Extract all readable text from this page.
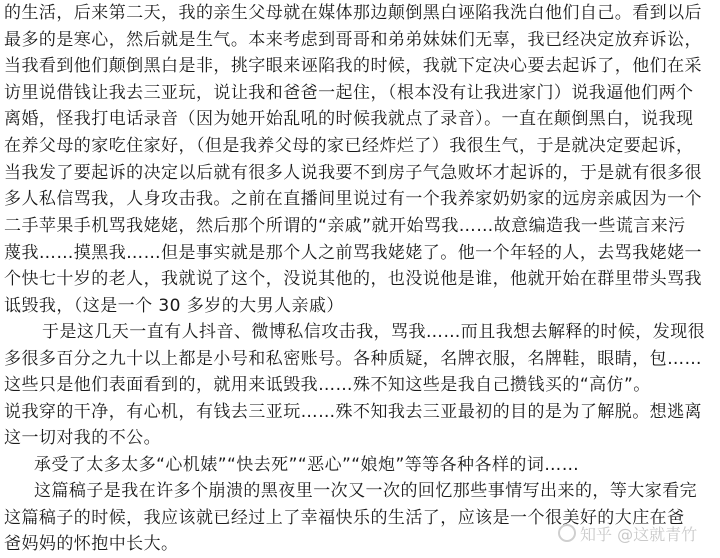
的生活，后来第二天，我的亲生父母就在媒体那边颠倒黑白诬陷我洗白他们自己。看到以后
最多的是寒心，然后就是生气。本来考虑到哥哥和弟弟妹妹们无辜，我已经决定放弃诉讼，
当我看到他们颠倒黑白是非，挑字眼来诬陷我的时候，我就下定决心要去起诉了，他们在采
访里说借钱让我去三亚玩，说让我和爸爸一起住，（根本没有让我进家门）说我逼他们两个
离婚，怪我打电话录音（因为她开始乱吼的时候我就点了录音）。一直在颠倒黑白，说我现
在养父母的家吃住家好，（但是我养父母的家已经炸烂了）我很生气，于是就决定要起诉，
当我发了要起诉的决定以后就有很多人说我要不到房子气急败坏才起诉的，于是就有很多很
多人私信骂我，人身攻击我。之前在直播间里说过有一个我养家奶奶家的远房亲戚因为一个
二手苹果手机骂我姥姥，然后那个所谓的“亲戚”就开始骂我……故意编造我一些谎言来污
蔑我……摸黑我……但是事实就是那个人之前骂我姥姥了。他一个年轻的人，去骂我姥姥一
个快七十岁的老人，我就说了这个，没说其他的，也没说他是谁，他就开始在群里带头骂我
诋毁我，（这是一个 30 多岁的大男人亲戚）
于是这几天一直有人抖音、微博私信攻击我，骂我……而且我想去解释的时候，发现很
多很多百分之九十以上都是小号和私密账号。各种质疑，名牌衣服，名牌鞋，眼睛，包……
这些只是他们表面看到的，就用来诋毁我……殊不知这些是我自己攒钱买的“高仿”。
说我穿的干净，有心机，有钱去三亚玩……殊不知我去三亚最初的目的是为了解脱。想逃离
这一切对我的不公。
承受了太多太多“心机婊”“快去死”“恶心”“娘炮”等等各种各样的词……
这篇稿子是我在许多个崩溃的黑夜里一次又一次的回忆那些事情写出来的，等大家看完
这篇稿子的时候，我应该就已经过上了幸福快乐的生活了，应该是一个很美好的大庄在爸
爸妈妈的怀抱中长大。	知乎 @这就青竹
